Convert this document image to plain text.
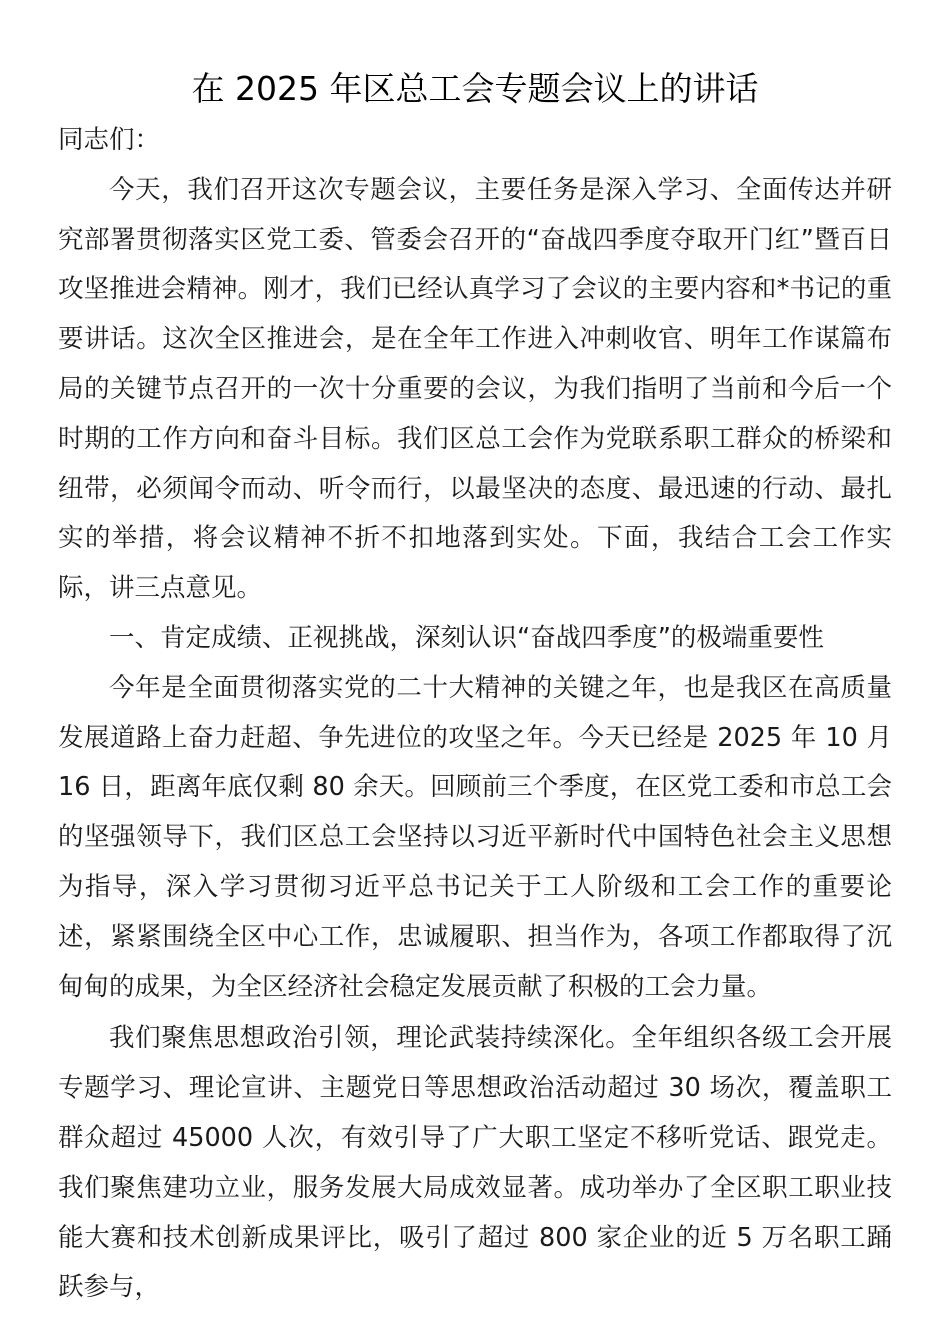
在 2025 年区总工会专题会议上的讲话

同志们：

今天，我们召开这次专题会议，主要任务是深入学习、全面传达并研究部署贯彻落实区党工委、管委会召开的“奋战四季度夺取开门红”暨百日攻坚推进会精神。刚才，我们已经认真学习了会议的主要内容和*书记的重要讲话。这次全区推进会，是在全年工作进入冲刺收官、明年工作谋篇布局的关键节点召开的一次十分重要的会议，为我们指明了当前和今后一个时期的工作方向和奋斗目标。我们区总工会作为党联系职工群众的桥梁和纽带，必须闻令而动、听令而行，以最坚决的态度、最迅速的行动、最扎实的举措，将会议精神不折不扣地落到实处。下面，我结合工会工作实际，讲三点意见。

一、肯定成绩、正视挑战，深刻认识“奋战四季度”的极端重要性

今年是全面贯彻落实党的二十大精神的关键之年，也是我区在高质量发展道路上奋力赶超、争先进位的攻坚之年。今天已经是 2025 年 10 月 16 日，距离年底仅剩 80 余天。回顾前三个季度，在区党工委和市总工会的坚强领导下，我们区总工会坚持以习近平新时代中国特色社会主义思想为指导，深入学习贯彻习近平总书记关于工人阶级和工会工作的重要论述，紧紧围绕全区中心工作，忠诚履职、担当作为，各项工作都取得了沉甸甸的成果，为全区经济社会稳定发展贡献了积极的工会力量。

我们聚焦思想政治引领，理论武装持续深化。全年组织各级工会开展专题学习、理论宣讲、主题党日等思想政治活动超过 30 场次，覆盖职工群众超过 45000 人次，有效引导了广大职工坚定不移听党话、跟党走。我们聚焦建功立业，服务发展大局成效显著。成功举办了全区职工职业技能大赛和技术创新成果评比，吸引了超过 800 家企业的近 5 万名职工踊跃参与，
